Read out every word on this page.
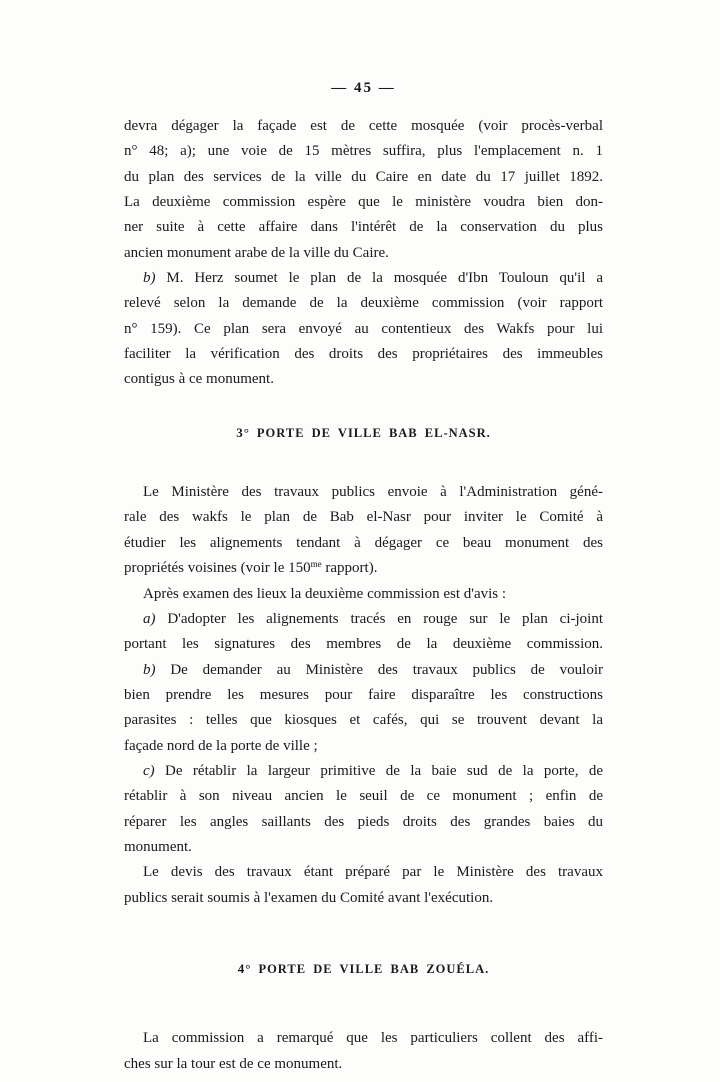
— 45 —
devra dégager la façade est de cette mosquée (voir procès-verbal
n° 48; a); une voie de 15 mètres suffira, plus l'emplacement n. 1
du plan des services de la ville du Caire en date du 17 juillet 1892.
La deuxième commission espère que le ministère voudra bien don-
ner suite à cette affaire dans l'intérêt de la conservation du plus
ancien monument arabe de la ville du Caire.
b) M. Herz soumet le plan de la mosquée d'Ibn Touloun qu'il a
relevé selon la demande de la deuxième commission (voir rapport
n° 159). Ce plan sera envoyé au contentieux des Wakfs pour lui
faciliter la vérification des droits des propriétaires des immeubles
contigus à ce monument.
3° PORTE DE VILLE BAB EL-NASR.
Le Ministère des travaux publics envoie à l'Administration géné-
rale des wakfs le plan de Bab el-Nasr pour inviter le Comité à
étudier les alignements tendant à dégager ce beau monument des
propriétés voisines (voir le $150^{me}$ rapport).
Après examen des lieux la deuxième commission est d'avis :
a) D'adopter les alignements tracés en rouge sur le plan ci-joint
portant les signatures des membres de la deuxième commission.
b) De demander au Ministère des travaux publics de vouloir
bien prendre les mesures pour faire disparaître les constructions
parasites : telles que kiosques et cafés, qui se trouvent devant la
façade nord de la porte de ville ;
c) De rétablir la largeur primitive de la baie sud de la porte, de
rétablir à son niveau ancien le seuil de ce monument ; enfin de
réparer les angles saillants des pieds droits des grandes baies du
monument.
Le devis des travaux étant préparé par le Ministère des travaux
publics serait soumis à l'examen du Comité avant l'exécution.
4° PORTE DE VILLE BAB ZOUÉLA.
La commission a remarqué que les particuliers collent des affi-
ches sur la tour est de ce monument.
